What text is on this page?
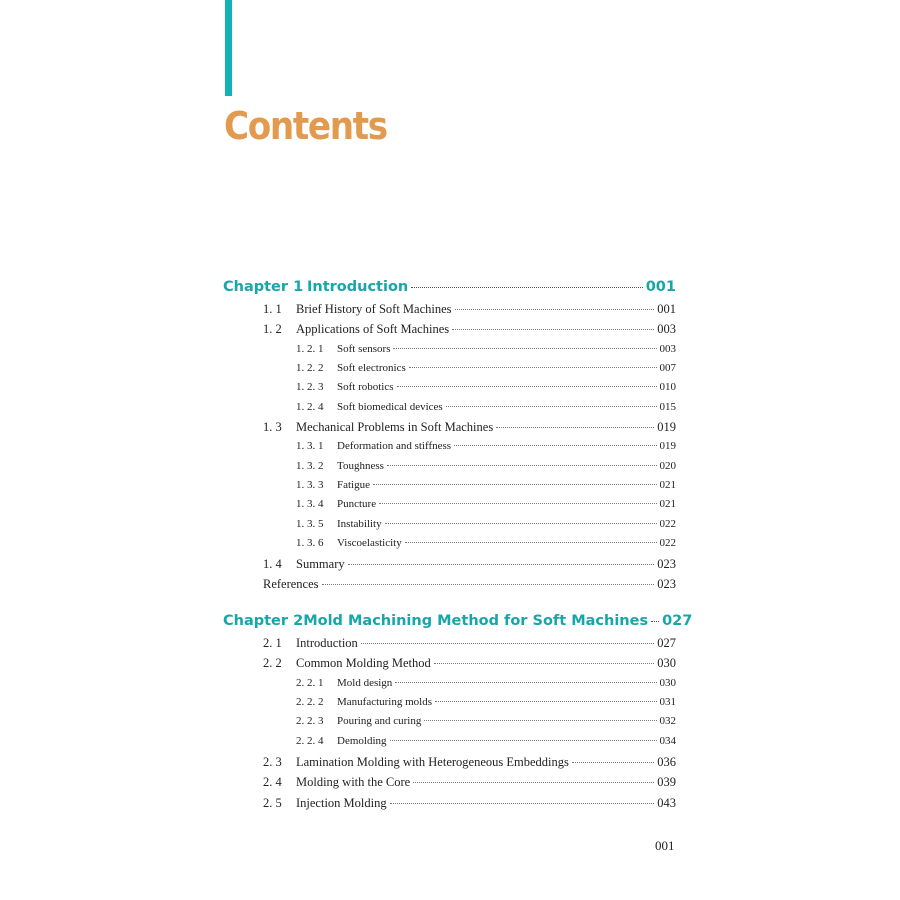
Contents
Chapter 1 Introduction	001
1. 1	Brief History of Soft Machines	001
1. 2	Applications of Soft Machines	003
1. 2. 1	Soft sensors	003
1. 2. 2	Soft electronics	007
1. 2. 3	Soft robotics	010
1. 2. 4	Soft biomedical devices	015
1. 3	Mechanical Problems in Soft Machines	019
1. 3. 1	Deformation and stiffness	019
1. 3. 2	Toughness	020
1. 3. 3	Fatigue	021
1. 3. 4	Puncture	021
1. 3. 5	Instability	022
1. 3. 6	Viscoelasticity	022
1. 4	Summary	023
References	023
Chapter 2 Mold Machining Method for Soft Machines 027
2. 1	Introduction	027
2. 2	Common Molding Method	030
2. 2. 1	Mold design	030
2. 2. 2	Manufacturing molds	031
2. 2. 3	Pouring and curing	032
2. 2. 4	Demolding	034
2. 3	Lamination Molding with Heterogeneous Embeddings	036
2. 4	Molding with the Core	039
2. 5	Injection Molding	043
001
